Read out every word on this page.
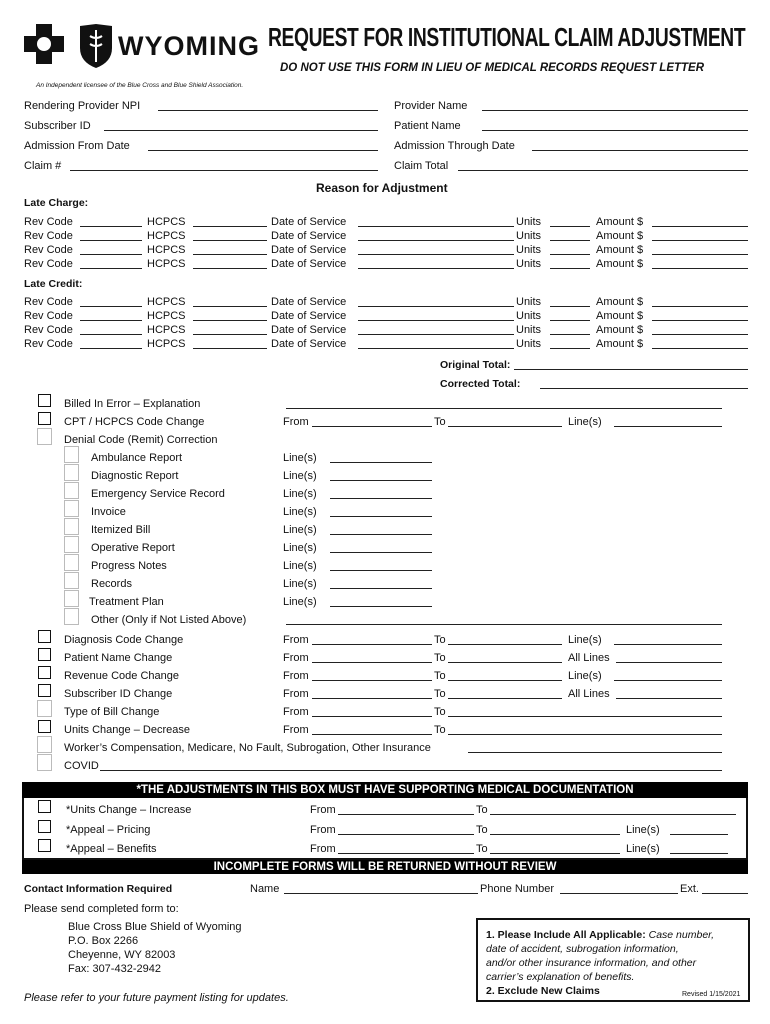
WYOMING
An Independent licensee of the Blue Cross and Blue Shield Association.
REQUEST FOR INSTITUTIONAL CLAIM ADJUSTMENT
DO NOT USE THIS FORM IN LIEU OF MEDICAL RECORDS REQUEST LETTER
Rendering Provider NPI	Provider Name
Subscriber ID	Patient Name
Admission From Date	Admission Through Date
Claim #	Claim Total
Reason for Adjustment
Late Charge:
Rev Code	HCPCS	Date of Service	Units	Amount $
Rev Code	HCPCS	Date of Service	Units	Amount $
Rev Code	HCPCS	Date of Service	Units	Amount $
Rev Code	HCPCS	Date of Service	Units	Amount $
Late Credit:
Rev Code	HCPCS	Date of Service	Units	Amount $
Rev Code	HCPCS	Date of Service	Units	Amount $
Rev Code	HCPCS	Date of Service	Units	Amount $
Rev Code	HCPCS	Date of Service	Units	Amount $
Original Total:
Corrected Total:
Billed In Error – Explanation
CPT / HCPCS Code Change	From	To	Line(s)
Denial Code (Remit) Correction
Ambulance Report	Line(s)
Diagnostic Report	Line(s)
Emergency Service Record	Line(s)
Invoice	Line(s)
Itemized Bill	Line(s)
Operative Report	Line(s)
Progress Notes	Line(s)
Records	Line(s)
Treatment Plan	Line(s)
Other (Only if Not Listed Above)
Diagnosis Code Change	From	To	Line(s)
Patient Name Change	From	To	All Lines
Revenue Code Change	From	To	Line(s)
Subscriber ID Change	From	To	All Lines
Type of Bill Change	From	To
Units Change – Decrease	From	To
Worker’s Compensation, Medicare, No Fault, Subrogation, Other Insurance
COVID
*THE ADJUSTMENTS IN THIS BOX MUST HAVE SUPPORTING MEDICAL DOCUMENTATION
*Units Change – Increase	From	To
*Appeal – Pricing	From	To	Line(s)
*Appeal – Benefits	From	To	Line(s)
INCOMPLETE FORMS WILL BE RETURNED WITHOUT REVIEW
Contact Information Required	Name	Phone Number	Ext.
Please send completed form to:
Blue Cross Blue Shield of Wyoming
P.O. Box 2266
Cheyenne, WY 82003
Fax: 307-432-2942
Please refer to your future payment listing for updates.
1. Please Include All Applicable: Case number,
date of accident, subrogation information,
and/or other insurance information, and other
carrier’s explanation of benefits.
2. Exclude New Claims	Revised 1/15/2021
